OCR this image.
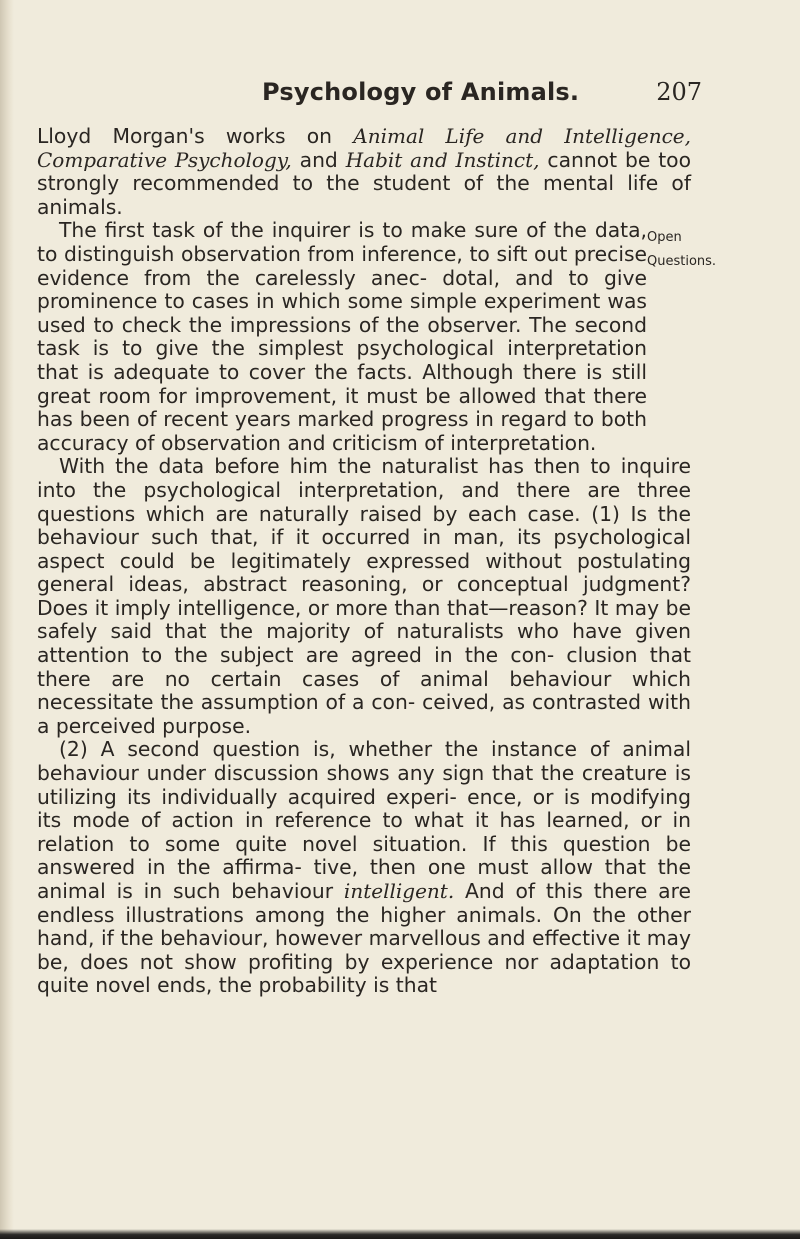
Psychology of Animals.	207
Open
Questions.

Lloyd Morgan's works on Animal Life and Intelligence, Comparative Psychology, and Habit and Instinct, cannot be too strongly recommended to the student of the mental life of animals.

The first task of the inquirer is to make sure of the data, to distinguish observation from inference, to sift out precise evidence from the carelessly anec- dotal, and to give prominence to cases in which some simple experiment was used to check the impressions of the observer. The second task is to give the simplest psychological interpretation that is adequate to cover the facts. Although there is still great room for improvement, it must be allowed that there has been of recent years marked progress in regard to both accuracy of observation and criticism of interpretation.

With the data before him the naturalist has then to inquire into the psychological interpretation, and there are three questions which are naturally raised by each case. (1) Is the behaviour such that, if it occurred in man, its psychological aspect could be legitimately expressed without postulating general ideas, abstract reasoning, or conceptual judgment? Does it imply intelligence, or more than that—reason? It may be safely said that the majority of naturalists who have given attention to the subject are agreed in the con- clusion that there are no certain cases of animal behaviour which necessitate the assumption of a con- ceived, as contrasted with a perceived purpose.

(2) A second question is, whether the instance of animal behaviour under discussion shows any sign that the creature is utilizing its individually acquired experi- ence, or is modifying its mode of action in reference to what it has learned, or in relation to some quite novel situation. If this question be answered in the affirma- tive, then one must allow that the animal is in such behaviour intelligent. And of this there are endless illustrations among the higher animals. On the other hand, if the behaviour, however marvellous and effective it may be, does not show profiting by experience nor adaptation to quite novel ends, the probability is that
